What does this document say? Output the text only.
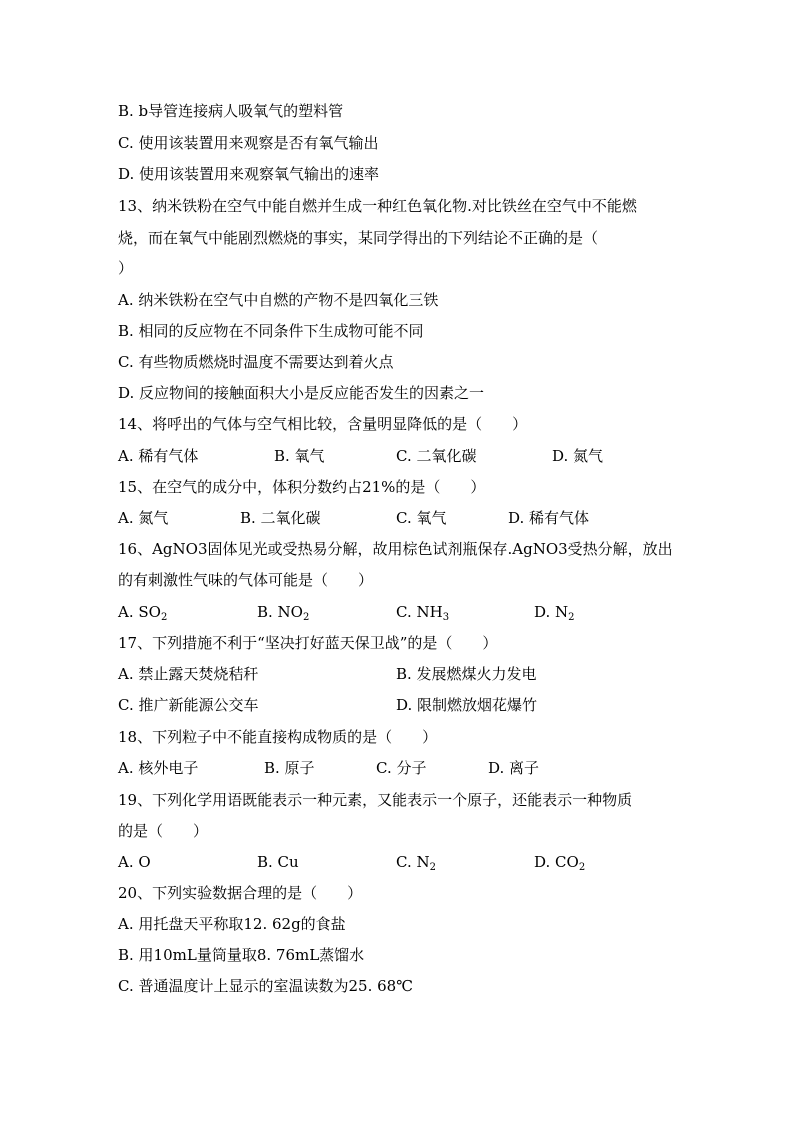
B. b导管连接病人吸氧气的塑料管
C. 使用该装置用来观察是否有氧气输出
D. 使用该装置用来观察氧气输出的速率
13、纳米铁粉在空气中能自燃并生成一种红色氧化物.对比铁丝在空气中不能燃
烧，而在氧气中能剧烈燃烧的事实，某同学得出的下列结论不正确的是（
）
A. 纳米铁粉在空气中自燃的产物不是四氧化三铁
B. 相同的反应物在不同条件下生成物可能不同
C. 有些物质燃烧时温度不需要达到着火点
D. 反应物间的接触面积大小是反应能否发生的因素之一
14、将呼出的气体与空气相比较，含量明显降低的是（　　）
A. 稀有气体	B. 氧气	C. 二氧化碳	D. 氮气
15、在空气的成分中，体积分数约占21%的是（　　）
A. 氮气	B. 二氧化碳	C. 氧气	D. 稀有气体
16、AgNO3固体见光或受热易分解，故用棕色试剂瓶保存.AgNO3受热分解，放出
的有刺激性气味的气体可能是（　　）
A. $SO_2$	B. $NO_2$	C. $NH_3$	D. $N_2$
17、下列措施不利于“坚决打好蓝天保卫战”的是（　　）
A. 禁止露天焚烧秸秆	B. 发展燃煤火力发电
C. 推广新能源公交车	D. 限制燃放烟花爆竹
18、下列粒子中不能直接构成物质的是（　　）
A. 核外电子	B. 原子	C. 分子	D. 离子
19、下列化学用语既能表示一种元素，又能表示一个原子，还能表示一种物质
的是（　　）
A. O	B. Cu	C. $N_2$	D. $CO_2$
20、下列实验数据合理的是（　　）
A. 用托盘天平称取12. 62g的食盐
B. 用10mL量筒量取8. 76mL蒸馏水
C. 普通温度计上显示的室温读数为25. 68℃
